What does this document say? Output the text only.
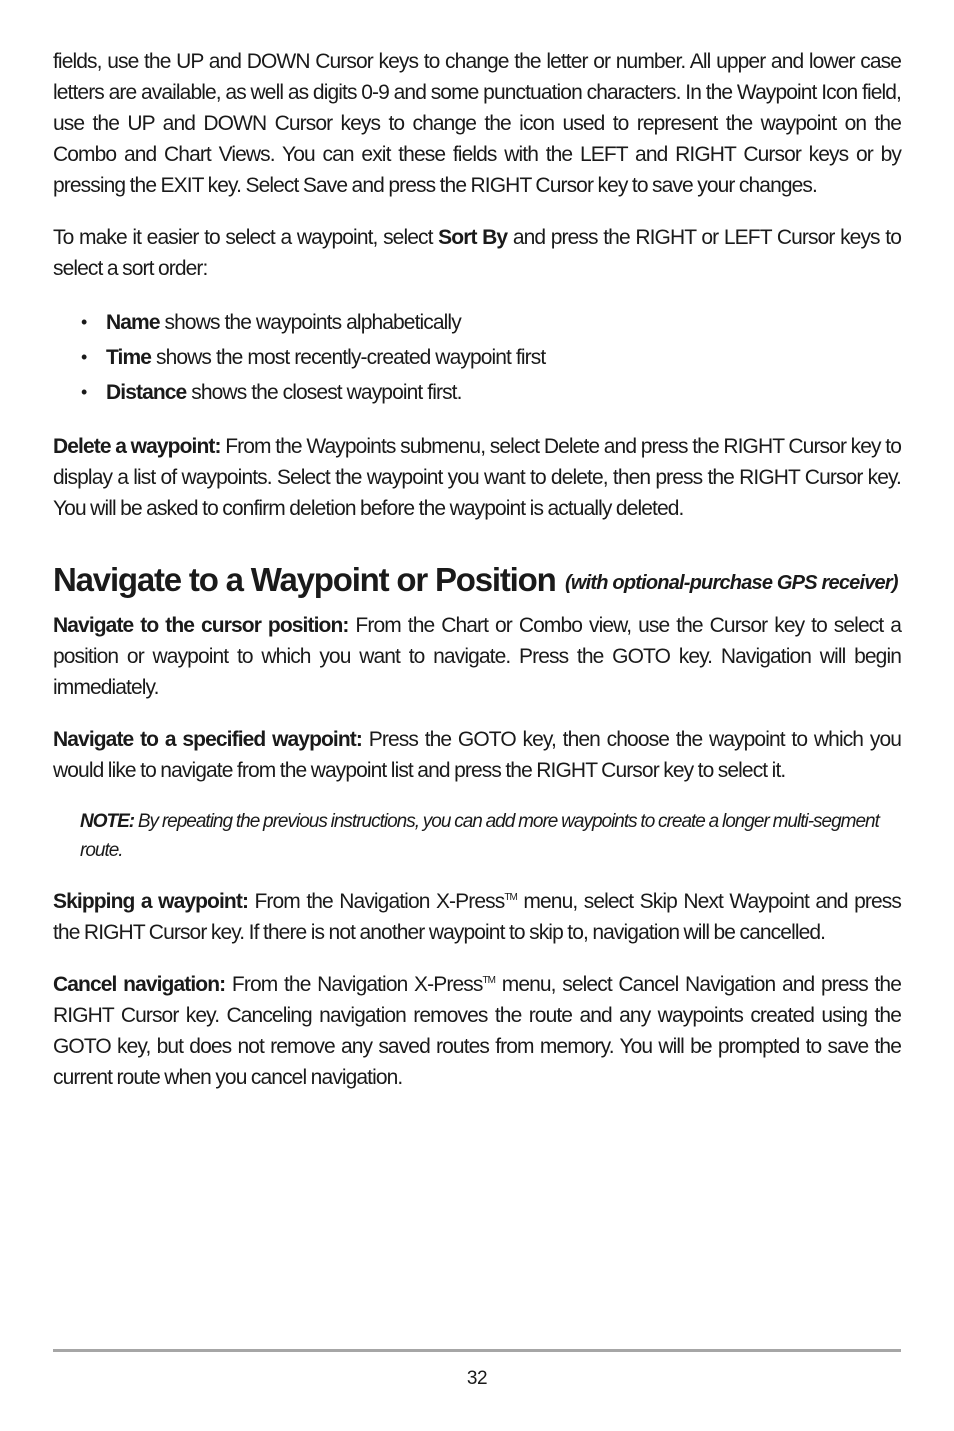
fields, use the UP and DOWN Cursor keys to change the letter or number. All upper and lower case letters are available, as well as digits 0-9 and some punctuation characters. In the Waypoint Icon field, use the UP and DOWN Cursor keys to change the icon used to represent the waypoint on the Combo and Chart Views. You can exit these fields with the LEFT and RIGHT Cursor keys or by pressing the EXIT key. Select Save and press the RIGHT Cursor key to save your changes.

To make it easier to select a waypoint, select Sort By and press the RIGHT or LEFT Cursor keys to select a sort order:

• Name shows the waypoints alphabetically
• Time shows the most recently-created waypoint first
• Distance shows the closest waypoint first.

Delete a waypoint: From the Waypoints submenu, select Delete and press the RIGHT Cursor key to display a list of waypoints. Select the waypoint you want to delete, then press the RIGHT Cursor key. You will be asked to confirm deletion before the waypoint is actually deleted.

Navigate to a Waypoint or Position (with optional-purchase GPS receiver)

Navigate to the cursor position: From the Chart or Combo view, use the Cursor key to select a position or waypoint to which you want to navigate. Press the GOTO key. Navigation will begin immediately.

Navigate to a specified waypoint: Press the GOTO key, then choose the waypoint to which you would like to navigate from the waypoint list and press the RIGHT Cursor key to select it.

NOTE: By repeating the previous instructions, you can add more waypoints to create a longer multi-segment route.

Skipping a waypoint: From the Navigation X-Press™ menu, select Skip Next Waypoint and press the RIGHT Cursor key. If there is not another waypoint to skip to, navigation will be cancelled.

Cancel navigation: From the Navigation X-Press™ menu, select Cancel Navigation and press the RIGHT Cursor key. Canceling navigation removes the route and any waypoints created using the GOTO key, but does not remove any saved routes from memory. You will be prompted to save the current route when you cancel navigation.

32
